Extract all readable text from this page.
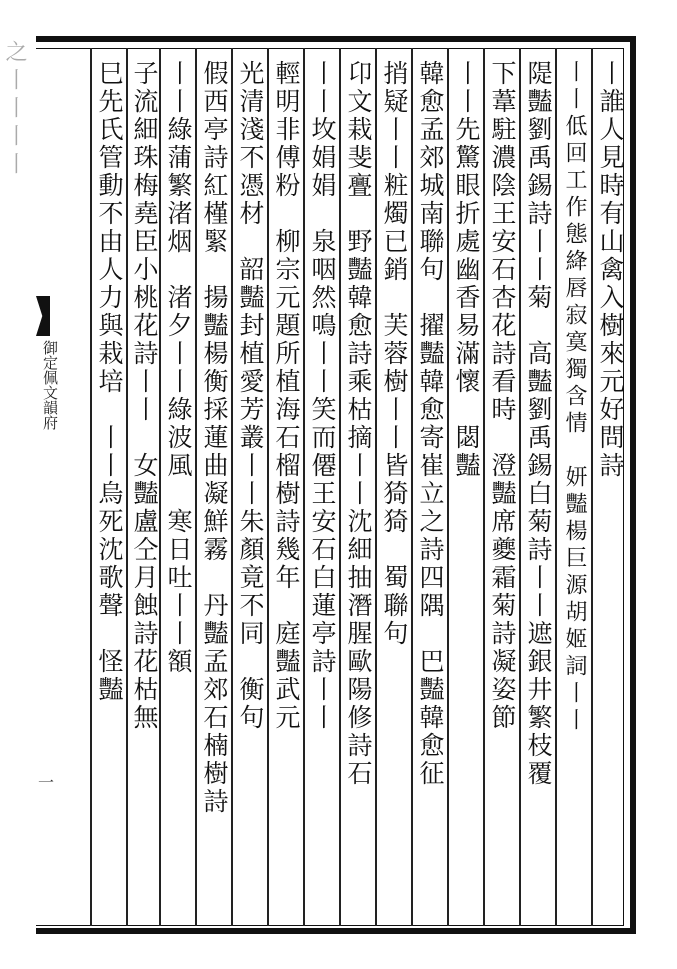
之丨丨丨丨
御定佩文韻府
一
丨誰人見時有山禽入樹來元好問詩
丨丨低回工作態絳唇寂寞獨含情　妍豔楊巨源胡姬詞丨丨
隄豔劉禹錫詩丨丨菊　高豔劉禹錫白菊詩丨丨遮銀井繁枝覆
下葦駐濃陰王安石杏花詩看時　澄豔席夔霜菊詩凝姿節
丨丨先驚眼折處幽香易滿懷　閟豔
韓愈孟郊城南聯句　擢豔韓愈寄崔立之詩四隅　巴豔韓愈征
捎疑丨丨粧燭已銷　芙蓉樹丨丨皆猗猗　蜀聯句
卬文栽斐亹　野豔韓愈詩乘枯摘丨丨沈細抽潛腥歐陽修詩石
丨丨坆娟娟　泉咽然鳴丨丨笑而僊王安石白蓮亭詩丨丨
輕明非傅粉　柳宗元題所植海石榴樹詩幾年　庭豔武元
光清淺不憑材　韶豔封植愛芳叢丨丨朱顏竟不同　衡句
假西亭詩紅槿緊　揚豔楊衡採蓮曲凝鮮霧　丹豔孟郊石楠樹詩
丨丨綠蒲繁渚烟　渚夕丨丨綠波風　寒日吐丨丨額
子流細珠梅堯臣小桃花詩丨丨　女豔盧仝月蝕詩花枯無
巳先氏管動不由人力與栽培　丨丨烏死沈歌聲　怪豔
